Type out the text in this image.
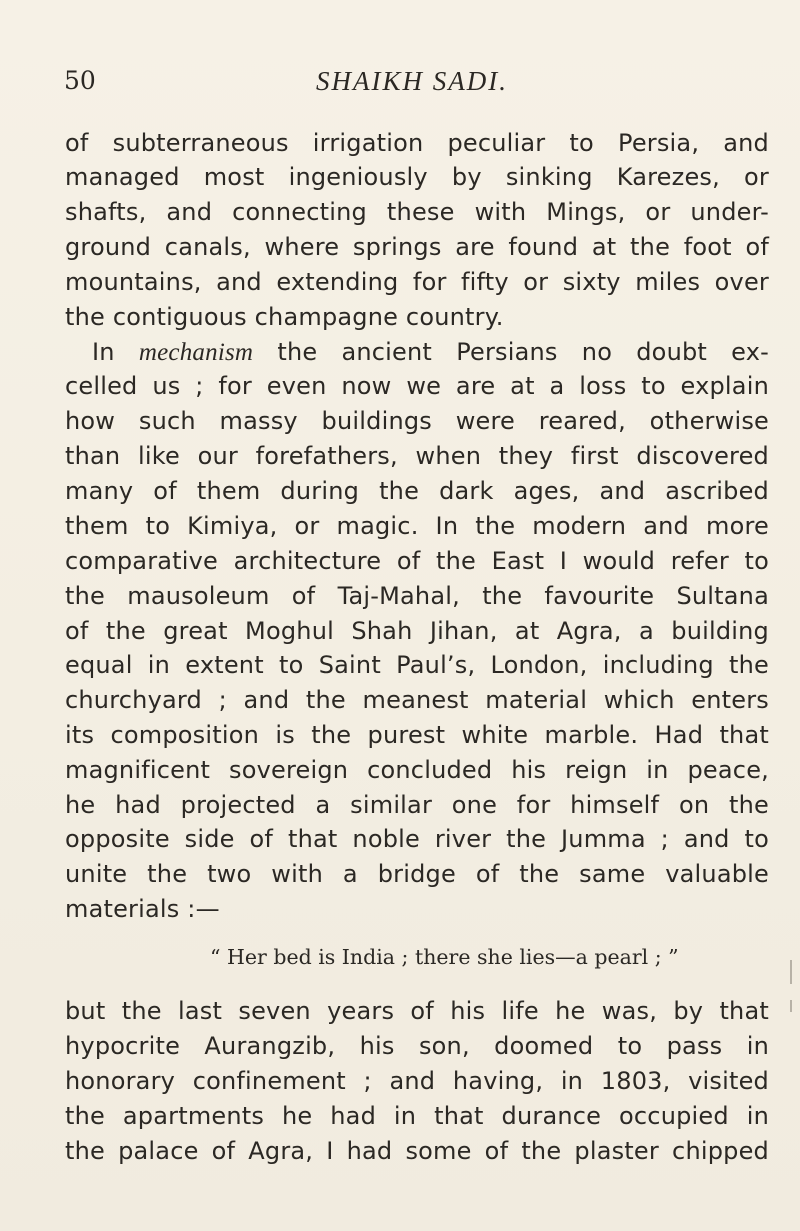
50	SHAIKH SADI.
of subterraneous irrigation peculiar to Persia, and
managed most ingeniously by sinking Karezes, or
shafts, and connecting these with Mings, or under-
ground canals, where springs are found at the foot of
mountains, and extending for fifty or sixty miles over
the contiguous champagne country.
In mechanism the ancient Persians no doubt ex-
celled us ; for even now we are at a loss to explain
how such massy buildings were reared, otherwise
than like our forefathers, when they first discovered
many of them during the dark ages, and ascribed
them to Kimiya, or magic. In the modern and more
comparative architecture of the East I would refer to
the mausoleum of Taj-Mahal, the favourite Sultana
of the great Moghul Shah Jihan, at Agra, a building
equal in extent to Saint Paul’s, London, including the
churchyard ; and the meanest material which enters
its composition is the purest white marble. Had that
magnificent sovereign concluded his reign in peace,
he had projected a similar one for himself on the
opposite side of that noble river the Jumma ; and to
unite the two with a bridge of the same valuable
materials :—
“ Her bed is India ; there she lies—a pearl ; ”
but the last seven years of his life he was, by that
hypocrite Aurangzib, his son, doomed to pass in
honorary confinement ; and having, in 1803, visited
the apartments he had in that durance occupied in
the palace of Agra, I had some of the plaster chipped
